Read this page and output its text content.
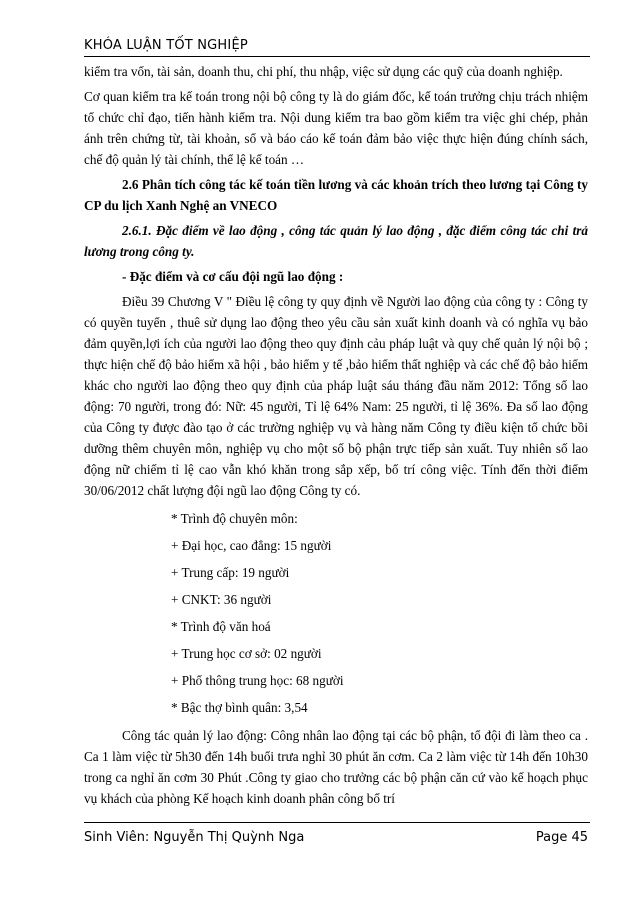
KHÓA LUẬN TỐT NGHIỆP

kiểm tra vốn, tài sản, doanh thu, chi phí, thu nhập, việc sử dụng các quỹ của doanh nghiệp.

Cơ quan kiểm tra kế toán trong nội bộ công ty là do giám đốc, kế toán trưởng chịu trách nhiệm tổ chức chỉ đạo, tiến hành kiểm tra. Nội dung kiểm tra bao gồm kiểm tra việc ghi chép, phản ánh trên chứng từ, tài khoản, sổ và báo cáo kế toán đảm bảo việc thực hiện đúng chính sách, chế độ quản lý tài chính, thể lệ kế toán …

2.6 Phân tích công tác kế toán tiền lương và các khoản trích theo lương tại Công ty CP du lịch Xanh Nghệ an VNECO

2.6.1. Đặc điểm về lao động , công tác quản lý lao động , đặc điểm công tác chi trả lương trong công ty.

- Đặc điểm và cơ cấu đội ngũ lao động :

Điều 39 Chương V " Điều lệ công ty quy định về Người lao động của công ty : Công ty có quyền tuyển , thuê sử dụng lao động theo yêu cầu sản xuất kinh doanh và có nghĩa vụ bảo đảm quyền,lợi ích của người lao động theo quy định cảu pháp luật và quy chế quản lý nội bộ ; thực hiện chế độ bảo hiểm xã hội , bảo hiểm y tế ,bảo hiểm thất nghiệp và các chế độ bảo hiểm khác cho người lao động theo quy định của pháp luật sáu tháng đầu năm 2012: Tổng số lao động: 70 người, trong đó: Nữ: 45 người, Tỉ lệ 64% Nam: 25 người, tỉ lệ 36%. Đa số lao động của Công ty được đào tạo ở các trường nghiệp vụ và hàng năm Công ty điều kiện tổ chức bồi dưỡng thêm chuyên môn, nghiệp vụ cho một số bộ phận trực tiếp sản xuất. Tuy nhiên số lao động nữ chiếm tỉ lệ cao vẫn khó khăn trong sắp xếp, bố trí công việc. Tính đến thời điểm 30/06/2012 chất lượng đội ngũ lao động Công ty có.

* Trình độ chuyên môn:

+ Đại học, cao đẳng: 15 người

+ Trung cấp: 19 người

+ CNKT: 36 người

* Trình độ văn hoá

+ Trung học cơ sở: 02 người

+ Phổ thông trung học: 68 người

* Bậc thợ bình quân: 3,54

Công tác quản lý lao động: Công nhân lao động tại các bộ phận, tổ đội đi làm theo ca . Ca 1 làm việc từ 5h30 đến 14h buổi trưa nghỉ 30 phút ăn cơm. Ca 2 làm việc từ 14h đến 10h30 trong ca nghỉ ăn cơm 30 Phút .Công ty giao cho trưởng các bộ phận căn cứ vào kế hoạch phục vụ khách của phòng Kế hoạch kinh doanh phân công bố trí

Sinh Viên: Nguyễn Thị Quỳnh Nga	Page 45
